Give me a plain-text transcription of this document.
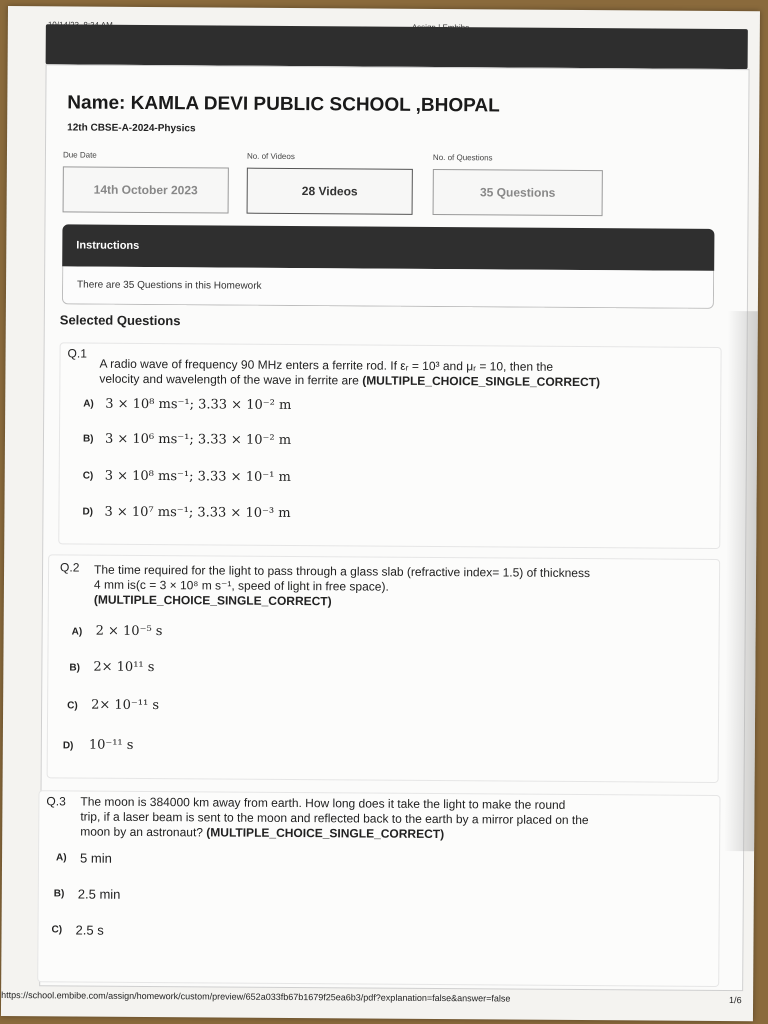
Name: KAMLA DEVI PUBLIC SCHOOL ,BHOPAL
12th CBSE-A-2024-Physics
Due Date	No. of Videos	No. of Questions
14th October 2023	28 Videos	35 Questions
Instructions
There are 35 Questions in this Homework
Selected Questions
Q.1
A radio wave of frequency 90 MHz enters a ferrite rod. If εᵣ = 10³ and μᵣ = 10, then the
velocity and wavelength of the wave in ferrite are (MULTIPLE_CHOICE_SINGLE_CORRECT)
A) 3 × 10⁸ ms⁻¹; 3.33 × 10⁻² m
B) 3 × 10⁶ ms⁻¹; 3.33 × 10⁻² m
C) 3 × 10⁸ ms⁻¹; 3.33 × 10⁻¹ m
D) 3 × 10⁷ ms⁻¹; 3.33 × 10⁻³ m
Q.2 The time required for the light to pass through a glass slab (refractive index= 1.5) of thickness
4 mm is(c = 3 × 10⁸ m s⁻¹, speed of light in free space).
(MULTIPLE_CHOICE_SINGLE_CORRECT)
A) 2 × 10⁻⁵ s
B) 2× 10¹¹ s
C) 2× 10⁻¹¹ s
D) 10⁻¹¹ s
Q.3 The moon is 384000 km away from earth. How long does it take the light to make the round
trip, if a laser beam is sent to the moon and reflected back to the earth by a mirror placed on the
moon by an astronaut? (MULTIPLE_CHOICE_SINGLE_CORRECT)
A) 5 min
B) 2.5 min
C) 2.5 s
https://school.embibe.com/assign/homework/custom/preview/652a033fb67b1679f25ea6b3/pdf?explanation=false&answer=false	1/6
